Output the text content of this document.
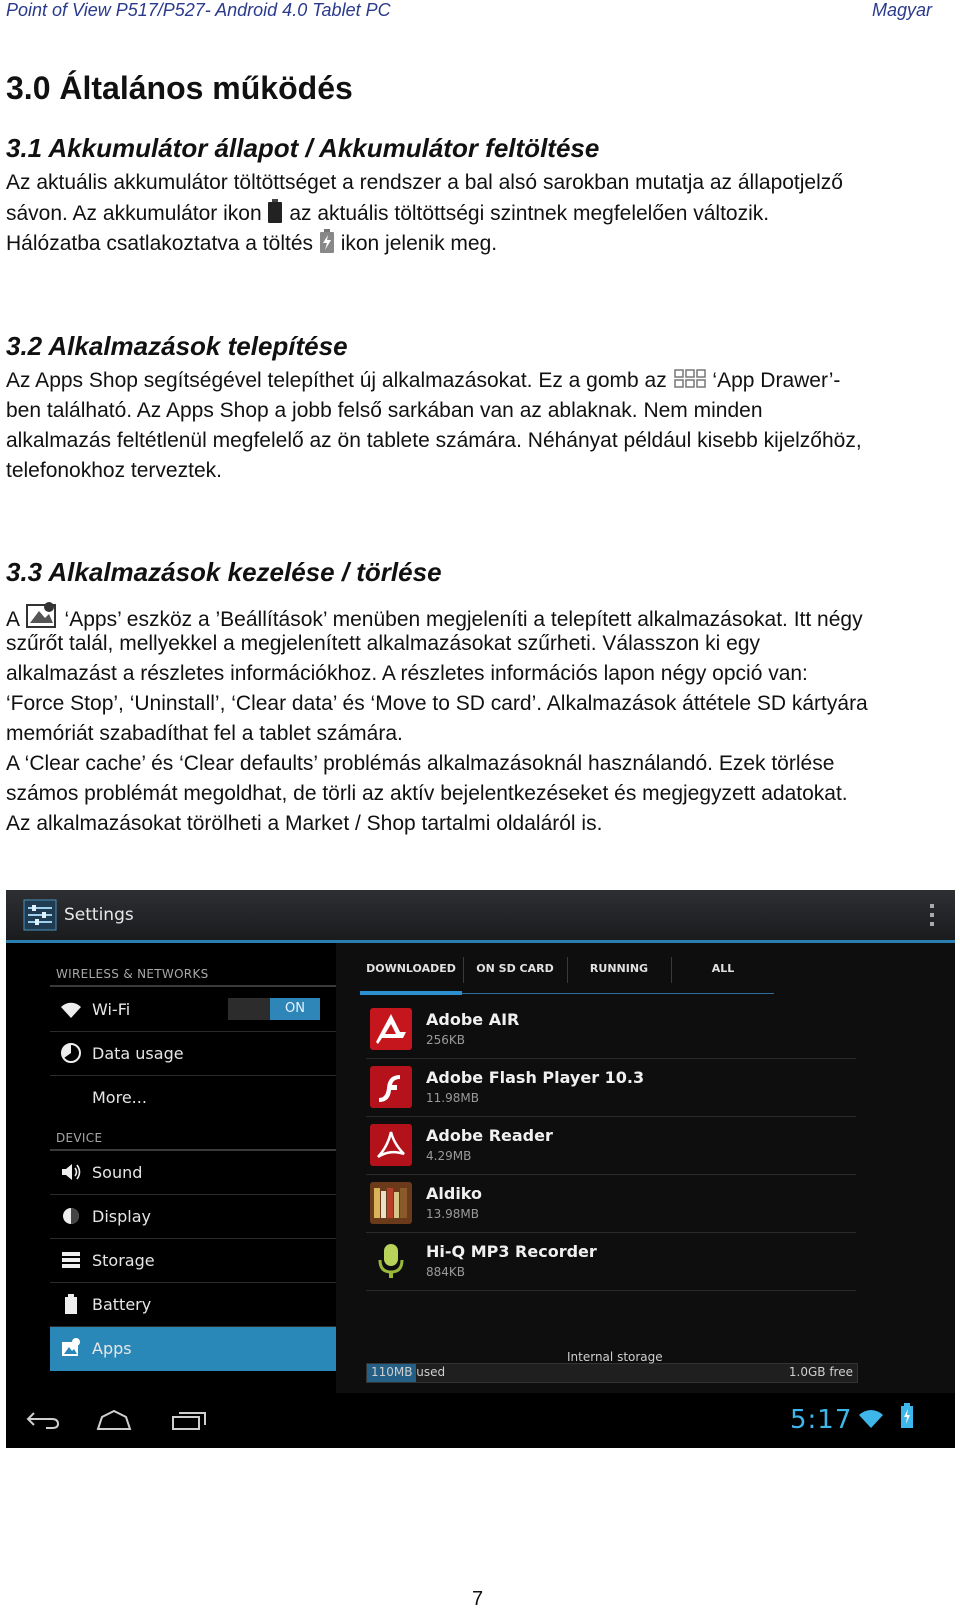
Point of View P517/P527- Android 4.0 Tablet PC	Magyar
3.0 Általános működés
3.1 Akkumulátor állapot / Akkumulátor feltöltése
Az aktuális akkumulátor töltöttséget a rendszer a bal alsó sarokban mutatja az állapotjelző
sávon. Az akkumulátor ikon az aktuális töltöttségi szintnek megfelelően változik.
Hálózatba csatlakoztatva a töltés ikon jelenik meg.
3.2 Alkalmazások telepítése
Az Apps Shop segítségével telepíthet új alkalmazásokat. Ez a gomb az ‘App Drawer’-
ben található. Az Apps Shop a jobb felső sarkában van az ablaknak. Nem minden
alkalmazás feltétlenül megfelelő az ön tablete számára. Néhányat például kisebb kijelzőhöz,
telefonokhoz terveztek.
3.3 Alkalmazások kezelése / törlése
A ‘Apps’ eszköz a ’Beállítások’ menüben megjeleníti a telepített alkalmazásokat. Itt négy
szűrőt talál, mellyekkel a megjelenített alkalmazásokat szűrheti. Válasszon ki egy
alkalmazást a részletes információkhoz. A részletes információs lapon négy opció van:
‘Force Stop’, ‘Uninstall’, ‘Clear data’ és ‘Move to SD card’. Alkalmazások áttétele SD kártyára
memóriát szabadíthat fel a tablet számára.
A ‘Clear cache’ és ‘Clear defaults’ problémás alkalmazásoknál használandó. Ezek törlése
számos problémát megoldhat, de törli az aktív bejelentkezéseket és megjegyzett adatokat.
Az alkalmazásokat törölheti a Market / Shop tartalmi oldaláról is.
Settings
WIRELESS & NETWORKS
Wi-Fi	ON
Data usage
More...
DEVICE
Sound
Display
Storage
Battery
Apps
DOWNLOADED	ON SD CARD	RUNNING	ALL
Adobe AIR
256KB
Adobe Flash Player 10.3
11.98MB
Adobe Reader
4.29MB
Aldiko
13.98MB
Hi-Q MP3 Recorder
884KB
Internal storage
110MB used	1.0GB free
5:17
7
